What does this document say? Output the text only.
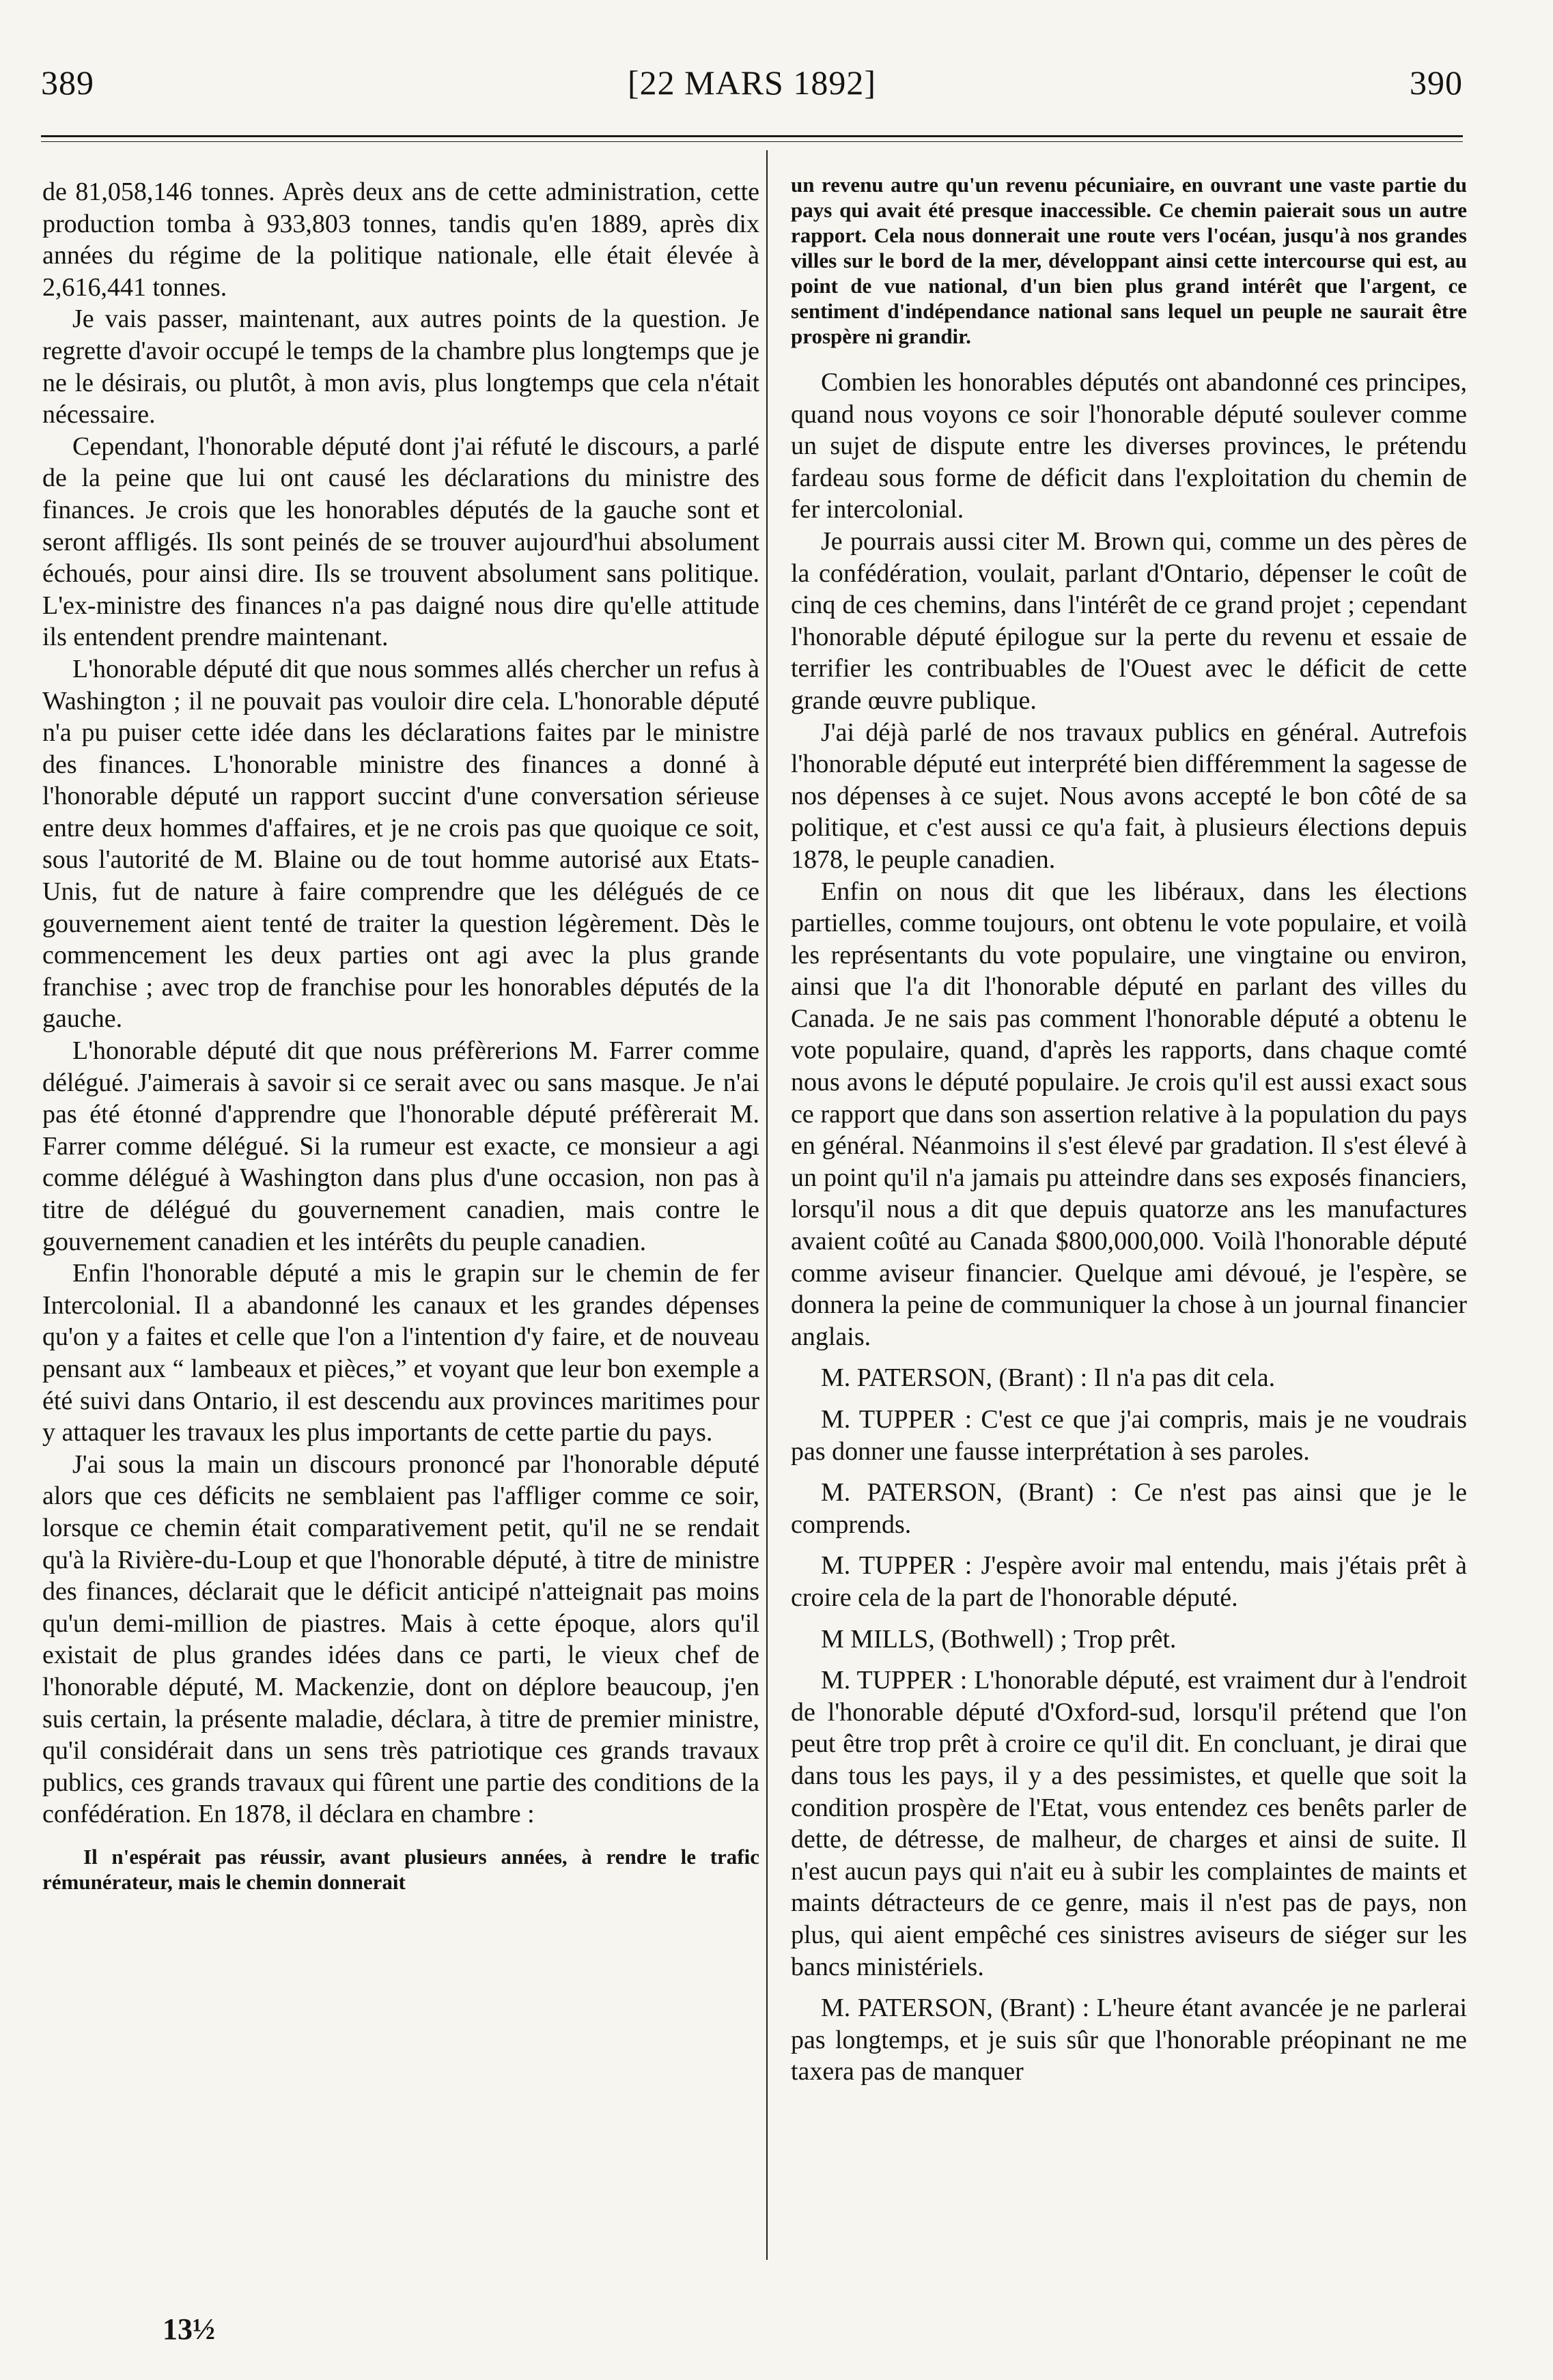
389	[22 MARS 1892]	390

de 81,058,146 tonnes. Après deux ans de cette administration, cette production tomba à 933,803 tonnes, tandis qu'en 1889, après dix années du régime de la politique nationale, elle était élevée à 2,616,441 tonnes.

Je vais passer, maintenant, aux autres points de la question. Je regrette d'avoir occupé le temps de la chambre plus longtemps que je ne le désirais, ou plutôt, à mon avis, plus longtemps que cela n'était nécessaire.

Cependant, l'honorable député dont j'ai réfuté le discours, a parlé de la peine que lui ont causé les déclarations du ministre des finances. Je crois que les honorables députés de la gauche sont et seront affligés. Ils sont peinés de se trouver aujourd'hui absolument échoués, pour ainsi dire. Ils se trouvent absolument sans politique. L'ex-ministre des finances n'a pas daigné nous dire qu'elle attitude ils entendent prendre maintenant.

L'honorable député dit que nous sommes allés chercher un refus à Washington ; il ne pouvait pas vouloir dire cela. L'honorable député n'a pu puiser cette idée dans les déclarations faites par le ministre des finances. L'honorable ministre des finances a donné à l'honorable député un rapport succint d'une conversation sérieuse entre deux hommes d'affaires, et je ne crois pas que quoique ce soit, sous l'autorité de M. Blaine ou de tout homme autorisé aux Etats-Unis, fut de nature à faire comprendre que les délégués de ce gouvernement aient tenté de traiter la question légèrement. Dès le commencement les deux parties ont agi avec la plus grande franchise ; avec trop de franchise pour les honorables députés de la gauche.

L'honorable député dit que nous préfèrerions M. Farrer comme délégué. J'aimerais à savoir si ce serait avec ou sans masque. Je n'ai pas été étonné d'apprendre que l'honorable député préfèrerait M. Farrer comme délégué. Si la rumeur est exacte, ce monsieur a agi comme délégué à Washington dans plus d'une occasion, non pas à titre de délégué du gouvernement canadien, mais contre le gouvernement canadien et les intérêts du peuple canadien.

Enfin l'honorable député a mis le grapin sur le chemin de fer Intercolonial. Il a abandonné les canaux et les grandes dépenses qu'on y a faites et celle que l'on a l'intention d'y faire, et de nouveau pensant aux “ lambeaux et pièces,” et voyant que leur bon exemple a été suivi dans Ontario, il est descendu aux provinces maritimes pour y attaquer les travaux les plus importants de cette partie du pays.

J'ai sous la main un discours prononcé par l'honorable député alors que ces déficits ne semblaient pas l'affliger comme ce soir, lorsque ce chemin était comparativement petit, qu'il ne se rendait qu'à la Rivière-du-Loup et que l'honorable député, à titre de ministre des finances, déclarait que le déficit anticipé n'atteignait pas moins qu'un demi-million de piastres. Mais à cette époque, alors qu'il existait de plus grandes idées dans ce parti, le vieux chef de l'honorable député, M. Mackenzie, dont on déplore beaucoup, j'en suis certain, la présente maladie, déclara, à titre de premier ministre, qu'il considérait dans un sens très patriotique ces grands travaux publics, ces grands travaux qui fûrent une partie des conditions de la confédération. En 1878, il déclara en chambre :

Il n'espérait pas réussir, avant plusieurs années, à rendre le trafic rémunérateur, mais le chemin donnerait

13½

un revenu autre qu'un revenu pécuniaire, en ouvrant une vaste partie du pays qui avait été presque inaccessible. Ce chemin paierait sous un autre rapport. Cela nous donnerait une route vers l'océan, jusqu'à nos grandes villes sur le bord de la mer, développant ainsi cette intercourse qui est, au point de vue national, d'un bien plus grand intérêt que l'argent, ce sentiment d'indépendance national sans lequel un peuple ne saurait être prospère ni grandir.

Combien les honorables députés ont abandonné ces principes, quand nous voyons ce soir l'honorable député soulever comme un sujet de dispute entre les diverses provinces, le prétendu fardeau sous forme de déficit dans l'exploitation du chemin de fer intercolonial.

Je pourrais aussi citer M. Brown qui, comme un des pères de la confédération, voulait, parlant d'Ontario, dépenser le coût de cinq de ces chemins, dans l'intérêt de ce grand projet ; cependant l'honorable député épilogue sur la perte du revenu et essaie de terrifier les contribuables de l'Ouest avec le déficit de cette grande œuvre publique.

J'ai déjà parlé de nos travaux publics en général. Autrefois l'honorable député eut interprété bien différemment la sagesse de nos dépenses à ce sujet. Nous avons accepté le bon côté de sa politique, et c'est aussi ce qu'a fait, à plusieurs élections depuis 1878, le peuple canadien.

Enfin on nous dit que les libéraux, dans les élections partielles, comme toujours, ont obtenu le vote populaire, et voilà les représentants du vote populaire, une vingtaine ou environ, ainsi que l'a dit l'honorable député en parlant des villes du Canada. Je ne sais pas comment l'honorable député a obtenu le vote populaire, quand, d'après les rapports, dans chaque comté nous avons le député populaire. Je crois qu'il est aussi exact sous ce rapport que dans son assertion relative à la population du pays en général. Néanmoins il s'est élevé par gradation. Il s'est élevé à un point qu'il n'a jamais pu atteindre dans ses exposés financiers, lorsqu'il nous a dit que depuis quatorze ans les manufactures avaient coûté au Canada $800,000,000. Voilà l'honorable député comme aviseur financier. Quelque ami dévoué, je l'espère, se donnera la peine de communiquer la chose à un journal financier anglais.

M. PATERSON, (Brant) : Il n'a pas dit cela.

M. TUPPER : C'est ce que j'ai compris, mais je ne voudrais pas donner une fausse interprétation à ses paroles.

M. PATERSON, (Brant) : Ce n'est pas ainsi que je le comprends.

M. TUPPER : J'espère avoir mal entendu, mais j'étais prêt à croire cela de la part de l'honorable député.

M MILLS, (Bothwell) ; Trop prêt.

M. TUPPER : L'honorable député, est vraiment dur à l'endroit de l'honorable député d'Oxford-sud, lorsqu'il prétend que l'on peut être trop prêt à croire ce qu'il dit. En concluant, je dirai que dans tous les pays, il y a des pessimistes, et quelle que soit la condition prospère de l'Etat, vous entendez ces benêts parler de dette, de détresse, de malheur, de charges et ainsi de suite. Il n'est aucun pays qui n'ait eu à subir les complaintes de maints et maints détracteurs de ce genre, mais il n'est pas de pays, non plus, qui aient empêché ces sinistres aviseurs de siéger sur les bancs ministériels.

M. PATERSON, (Brant) : L'heure étant avancée je ne parlerai pas longtemps, et je suis sûr que l'honorable préopinant ne me taxera pas de manquer
